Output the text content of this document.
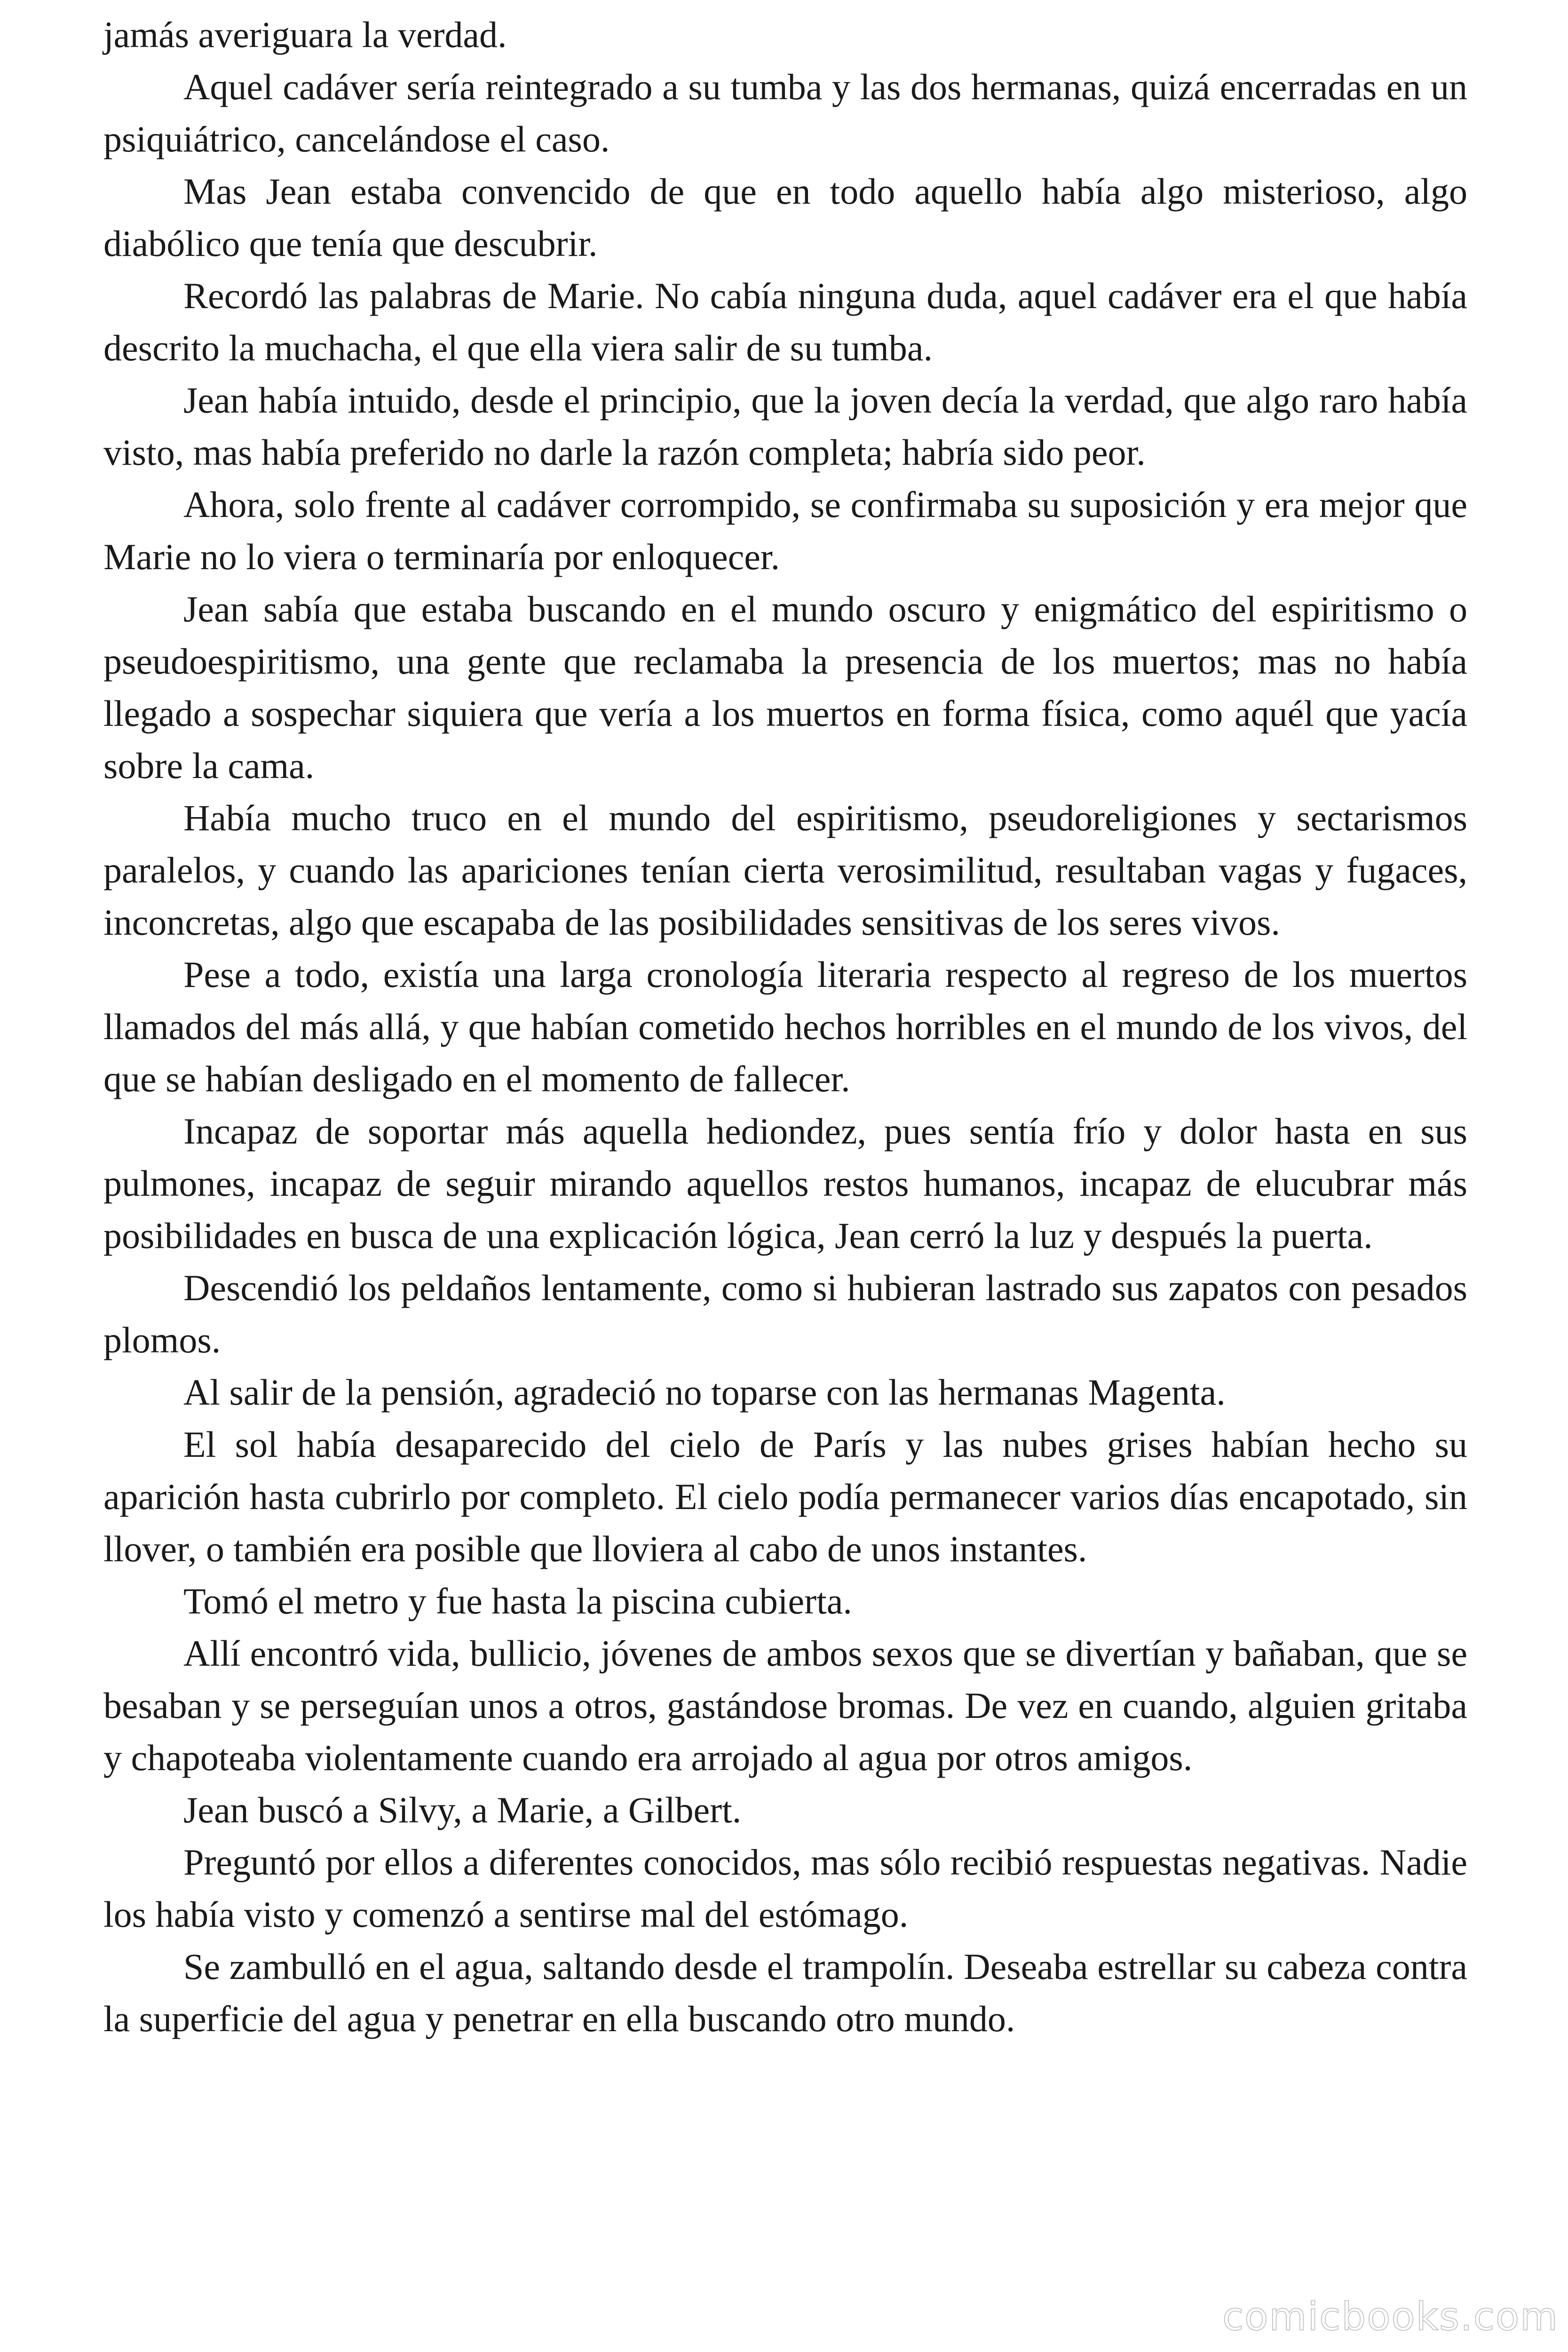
jamás averiguara la verdad.

Aquel cadáver sería reintegrado a su tumba y las dos hermanas, quizá encerradas en un psiquiátrico, cancelándose el caso.

Mas Jean estaba convencido de que en todo aquello había algo misterioso, algo diabólico que tenía que descubrir.

Recordó las palabras de Marie. No cabía ninguna duda, aquel cadáver era el que había descrito la muchacha, el que ella viera salir de su tumba.

Jean había intuido, desde el principio, que la joven decía la verdad, que algo raro había visto, mas había preferido no darle la razón completa; habría sido peor.

Ahora, solo frente al cadáver corrompido, se confirmaba su suposición y era mejor que Marie no lo viera o terminaría por enloquecer.

Jean sabía que estaba buscando en el mundo oscuro y enigmático del espiritismo o pseudoespiritismo, una gente que reclamaba la presencia de los muertos; mas no había llegado a sospechar siquiera que vería a los muertos en forma física, como aquél que yacía sobre la cama.

Había mucho truco en el mundo del espiritismo, pseudoreligiones y sectarismos paralelos, y cuando las apariciones tenían cierta verosimilitud, resultaban vagas y fugaces, inconcretas, algo que escapaba de las posibilidades sensitivas de los seres vivos.

Pese a todo, existía una larga cronología literaria respecto al regreso de los muertos llamados del más allá, y que habían cometido hechos horribles en el mundo de los vivos, del que se habían desligado en el momento de fallecer.

Incapaz de soportar más aquella hediondez, pues sentía frío y dolor hasta en sus pulmones, incapaz de seguir mirando aquellos restos humanos, incapaz de elucubrar más posibilidades en busca de una explicación lógica, Jean cerró la luz y después la puerta.

Descendió los peldaños lentamente, como si hubieran lastrado sus zapatos con pesados plomos.

Al salir de la pensión, agradeció no toparse con las hermanas Magenta.

El sol había desaparecido del cielo de París y las nubes grises habían hecho su aparición hasta cubrirlo por completo. El cielo podía permanecer varios días encapotado, sin llover, o también era posible que lloviera al cabo de unos instantes.

Tomó el metro y fue hasta la piscina cubierta.

Allí encontró vida, bullicio, jóvenes de ambos sexos que se divertían y bañaban, que se besaban y se perseguían unos a otros, gastándose bromas. De vez en cuando, alguien gritaba y chapoteaba violentamente cuando era arrojado al agua por otros amigos.

Jean buscó a Silvy, a Marie, a Gilbert.

Preguntó por ellos a diferentes conocidos, mas sólo recibió respuestas negativas. Nadie los había visto y comenzó a sentirse mal del estómago.

Se zambulló en el agua, saltando desde el trampolín. Deseaba estrellar su cabeza contra la superficie del agua y penetrar en ella buscando otro mundo.

comicbooks.com
